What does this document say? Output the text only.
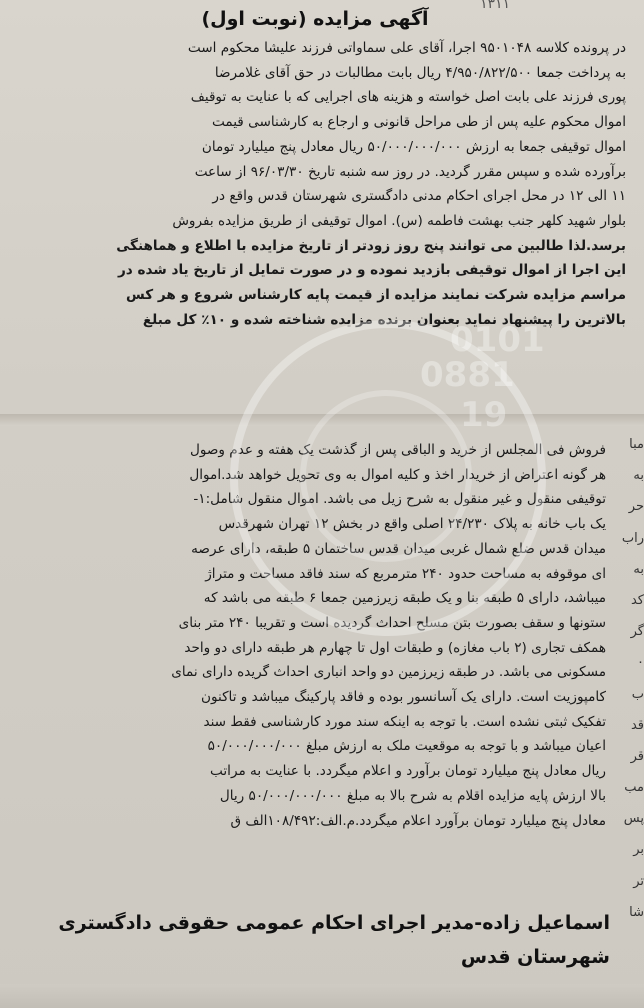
۱۳۱۱
آگهی مزایده (نوبت اول)
در پرونده کلاسه ۹۵۰۱۰۴۸ اجرا، آقای علی سماواتی فرزند علیشا محکوم است
به پرداخت جمعا ۴/۹۵۰/۸۲۲/۵۰۰ ریال بابت مطالبات در حق آقای غلامرضا
پوری فرزند علی بابت اصل خواسته و هزینه های اجرایی که با عنایت به توقیف
اموال محکوم علیه پس از طی مراحل قانونی و ارجاع به کارشناسی قیمت
اموال توقیفی جمعا به ارزش ۵۰/۰۰۰/۰۰۰/۰۰۰ ریال معادل پنج میلیارد تومان
برآورده شده و سپس مقرر گردید. در روز سه شنبه تاریخ ۹۶/۰۳/۳۰ از ساعت
۱۱ الی ۱۲ در محل اجرای احکام مدنی دادگستری شهرستان قدس واقع در
بلوار شهید کلهر جنب بهشت فاطمه (س). اموال توقیفی از طریق مزایده بفروش
برسد.لذا طالبین می توانند پنج روز زودتر از تاریخ مزایده با اطلاع و هماهنگی
این اجرا از اموال توقیفی بازدید نموده و در صورت تمایل از تاریخ یاد شده در
مراسم مزایده شرکت نمایند مزایده از قیمت پایه کارشناس شروع و هر کس
بالاترین را پیشنهاد نماید بعنوان برنده مزایده شناخته شده و ۱۰٪ کل مبلغ
فروش فی المجلس از خرید و الباقی پس از گذشت یک هفته و عدم وصول
هر گونه اعتراض از خریدار اخذ و کلیه اموال به وی تحویل خواهد شد.اموال
توقیفی منقول و غیر منقول به شرح زیل می باشد. اموال منقول شامل:۱-
یک باب خانه به پلاک ۲۴/۲۳۰ اصلی واقع در بخش ۱۲ تهران شهرقدس
میدان قدس ضلع شمال غربی میدان قدس ساختمان ۵ طبقه، دارای عرصه
ای موقوفه به مساحت حدود ۲۴۰ مترمربع که سند فاقد مساحت و متراژ
میباشد، دارای ۵ طبقه بنا و یک طبقه زیرزمین جمعا ۶ طبقه می باشد که
ستونها و سقف بصورت بتن مسلح احداث گردیده است و تقریبا ۲۴۰ متر بنای
همکف تجاری (۲ باب مغازه) و طبقات اول تا چهارم هر طبقه دارای دو واحد
مسکونی می باشد. در طبقه زیرزمین دو واحد انباری احداث گریده دارای نمای
کامپوزیت است. دارای یک آسانسور بوده و فاقد پارکینگ میباشد و تاکنون
تفکیک ثبتی نشده است. با توجه به اینکه سند مورد کارشناسی فقط سند
اعیان میباشد و با توجه به موقعیت ملک به ارزش مبلغ ۵۰/۰۰۰/۰۰۰/۰۰۰
ریال معادل پنج میلیارد تومان برآورد و اعلام میگردد. با عنایت به مراتب
بالا ارزش پایه مزایده اقلام به شرح بالا به مبلغ ۵۰/۰۰۰/۰۰۰/۰۰۰ ریال
معادل پنج میلیارد تومان برآورد اعلام میگردد.م.الف:۱۰۸/۴۹۲الف ق
مبا
به
حر
راب
به
کد
گر
۰
ب
قد
قر
مب
پس
بر
تر
شا
0101
0881
19
اسماعیل زاده-مدیر اجرای احکام عمومی حقوقی دادگستری
شهرستان قدس
